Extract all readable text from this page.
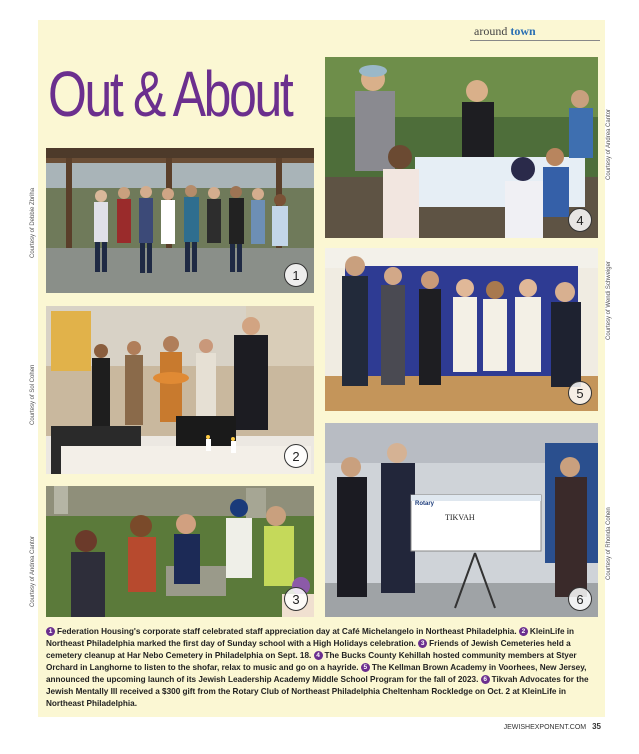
around town
Out & About
1
2
3
4
5
Rotary
TIKVAH
6
Courtesy of Debbie Zbriha
Courtesy of Sol Cohen
Courtesy of Andrea Cantor
Courtesy of Andrea Cantor
Courtesy of Wendi Schweiger
Courtesy of Rhonda Cohen
1 Federation Housing's corporate staff celebrated staff appreciation day at Café Michelangelo in Northeast Philadelphia. 2 KleinLife in Northeast Philadelphia marked the first day of Sunday school with a High Holidays celebration. 3 Friends of Jewish Cemeteries held a cemetery cleanup at Har Nebo Cemetery in Philadelphia on Sept. 18. 4 The Bucks County Kehillah hosted community members at Styer Orchard in Langhorne to listen to the shofar, relax to music and go on a hayride. 5 The Kellman Brown Academy in Voorhees, New Jersey, announced the upcoming launch of its Jewish Leadership Academy Middle School Program for the fall of 2023. 6 Tikvah Advocates for the Jewish Mentally Ill received a $300 gift from the Rotary Club of Northeast Philadelphia Cheltenham Rockledge on Oct. 2 at KleinLife in Northeast Philadelphia.
JEWISHEXPONENT.COM 35
